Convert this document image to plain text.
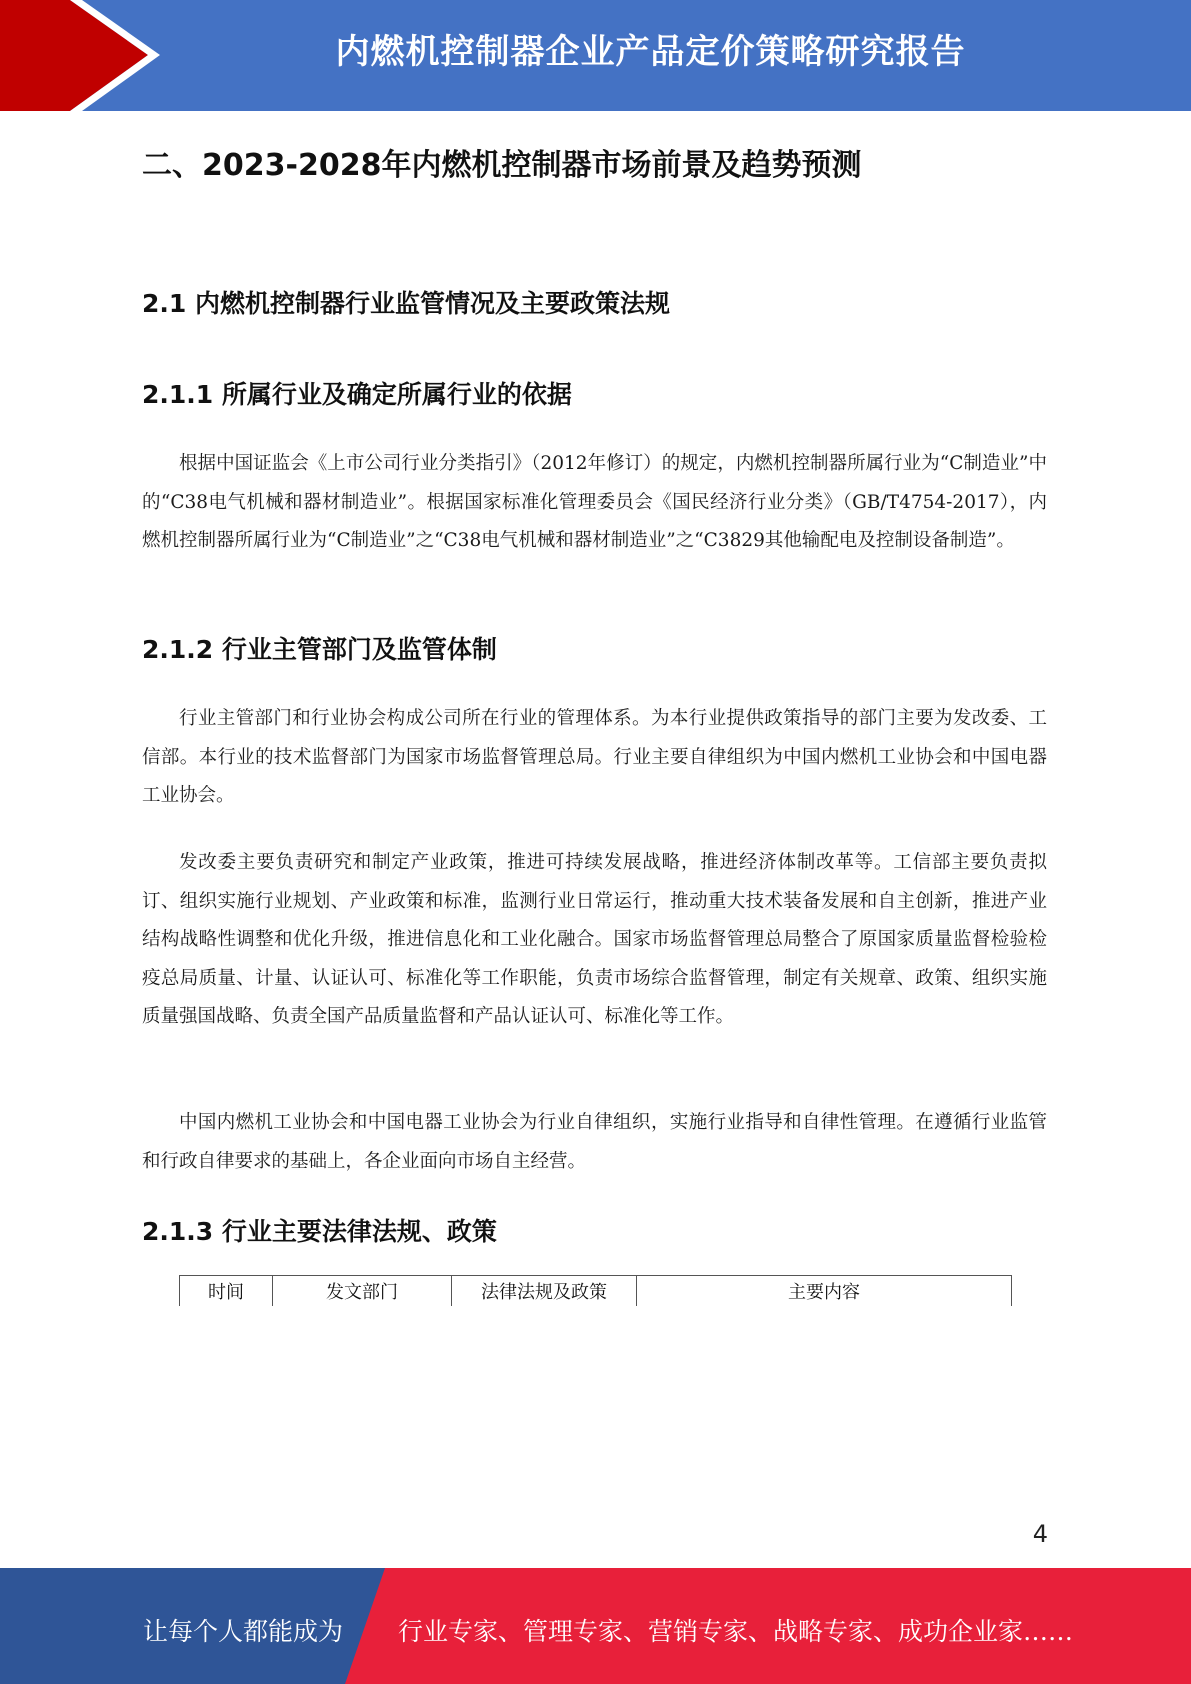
内燃机控制器企业产品定价策略研究报告
二、2023-2028年内燃机控制器市场前景及趋势预测
2.1 内燃机控制器行业监管情况及主要政策法规
2.1.1 所属行业及确定所属行业的依据
根据中国证监会《上市公司行业分类指引》（2012年修订）的规定，内燃机控制器所属行业为“C制造业”中的“C38电气机械和器材制造业”。根据国家标准化管理委员会《国民经济行业分类》（GB/T4754-2017），内燃机控制器所属行业为“C制造业”之“C38电气机械和器材制造业”之“C3829其他输配电及控制设备制造”。
2.1.2 行业主管部门及监管体制
行业主管部门和行业协会构成公司所在行业的管理体系。为本行业提供政策指导的部门主要为发改委、工信部。本行业的技术监督部门为国家市场监督管理总局。行业主要自律组织为中国内燃机工业协会和中国电器工业协会。
发改委主要负责研究和制定产业政策，推进可持续发展战略，推进经济体制改革等。工信部主要负责拟订、组织实施行业规划、产业政策和标准，监测行业日常运行，推动重大技术装备发展和自主创新，推进产业结构战略性调整和优化升级，推进信息化和工业化融合。国家市场监督管理总局整合了原国家质量监督检验检疫总局质量、计量、认证认可、标准化等工作职能，负责市场综合监督管理，制定有关规章、政策、组织实施质量强国战略、负责全国产品质量监督和产品认证认可、标准化等工作。
中国内燃机工业协会和中国电器工业协会为行业自律组织，实施行业指导和自律性管理。在遵循行业监管和行政自律要求的基础上，各企业面向市场自主经营。
2.1.3 行业主要法律法规、政策
时间	发文部门	法律法规及政策	主要内容
4
让每个人都能成为 行业专家、管理专家、营销专家、战略专家、成功企业家……
